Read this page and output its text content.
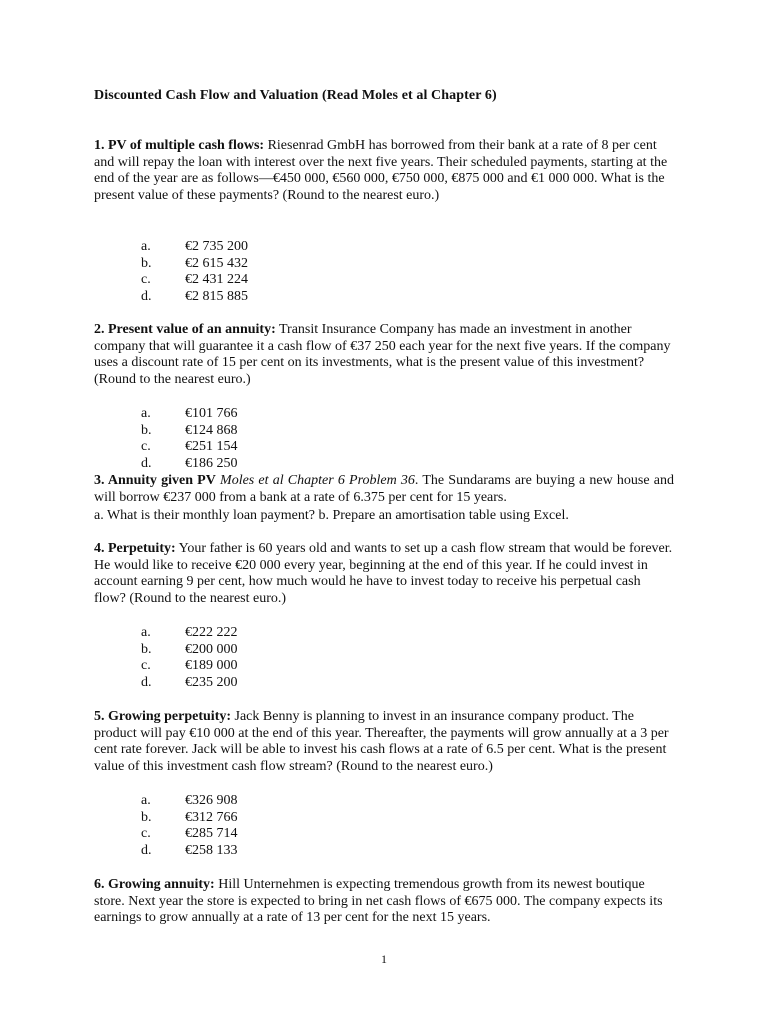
Discounted Cash Flow and Valuation (Read Moles et al Chapter 6)
1. PV of multiple cash flows: Riesenrad GmbH has borrowed from their bank at a rate of 8 per cent and will repay the loan with interest over the next five years. Their scheduled payments, starting at the end of the year are as follows—€450 000, €560 000, €750 000, €875 000 and €1 000 000. What is the present value of these payments? (Round to the nearest euro.)
a.	€2 735 200
b.	€2 615 432
c.	€2 431 224
d.	€2 815 885
2. Present value of an annuity: Transit Insurance Company has made an investment in another company that will guarantee it a cash flow of €37 250 each year for the next five years. If the company uses a discount rate of 15 per cent on its investments, what is the present value of this investment? (Round to the nearest euro.)
a.	€101 766
b.	€124 868
c.	€251 154
d.	€186 250
3. Annuity given PV Moles et al Chapter 6 Problem 36. The Sundarams are buying a new house and will borrow €237 000 from a bank at a rate of 6.375 per cent for 15 years.
a. What is their monthly loan payment? b. Prepare an amortisation table using Excel.
4. Perpetuity: Your father is 60 years old and wants to set up a cash flow stream that would be forever. He would like to receive €20 000 every year, beginning at the end of this year. If he could invest in account earning 9 per cent, how much would he have to invest today to receive his perpetual cash flow? (Round to the nearest euro.)
a.	€222 222
b.	€200 000
c.	€189 000
d.	€235 200
5. Growing perpetuity: Jack Benny is planning to invest in an insurance company product. The product will pay €10 000 at the end of this year. Thereafter, the payments will grow annually at a 3 per cent rate forever. Jack will be able to invest his cash flows at a rate of 6.5 per cent. What is the present value of this investment cash flow stream? (Round to the nearest euro.)
a.	€326 908
b.	€312 766
c.	€285 714
d.	€258 133
6. Growing annuity: Hill Unternehmen is expecting tremendous growth from its newest boutique store. Next year the store is expected to bring in net cash flows of €675 000. The company expects its earnings to grow annually at a rate of 13 per cent for the next 15 years.
1
